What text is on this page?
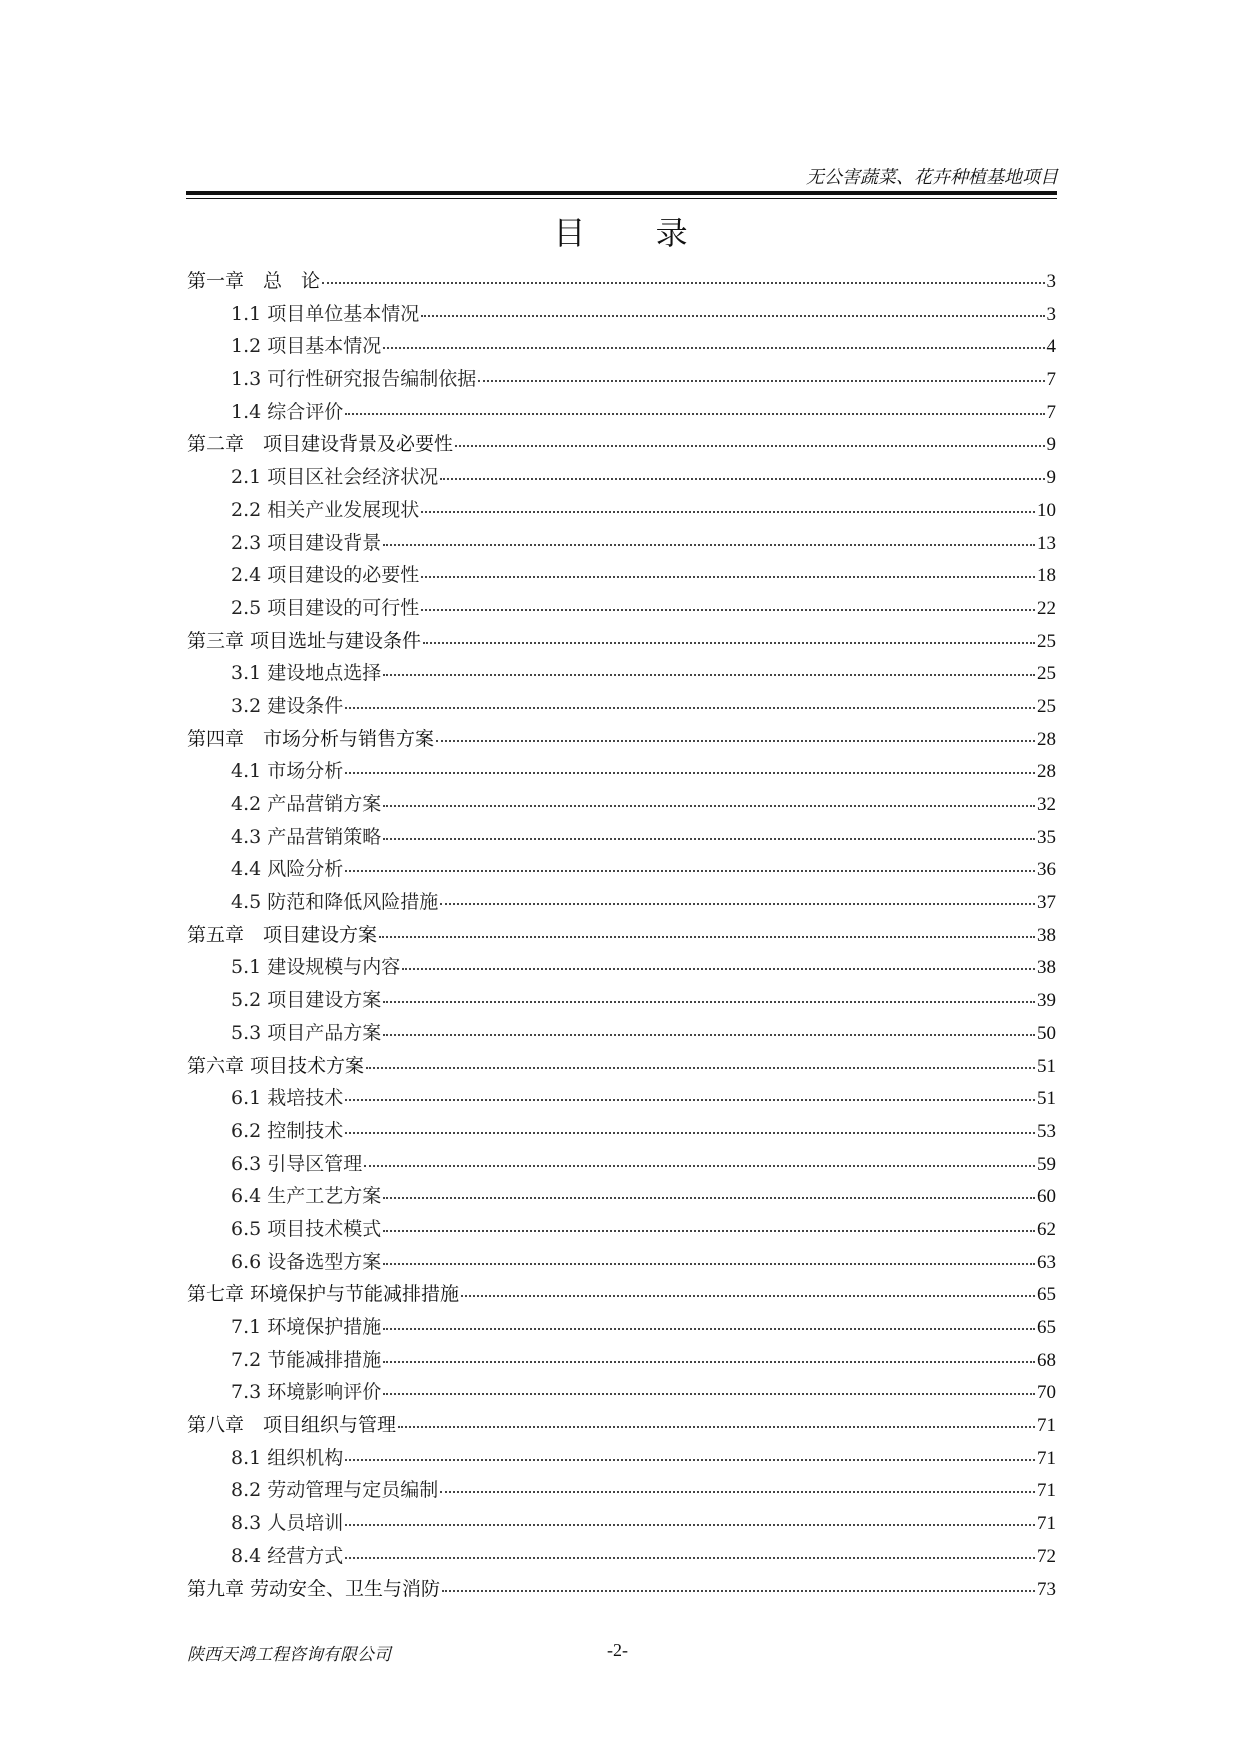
无公害蔬菜、花卉种植基地项目
目 录
第一章　总　论	3
1.1 项目单位基本情况	3
1.2 项目基本情况	4
1.3 可行性研究报告编制依据	7
1.4 综合评价	7
第二章　项目建设背景及必要性	9
2.1 项目区社会经济状况	9
2.2 相关产业发展现状	10
2.3 项目建设背景	13
2.4 项目建设的必要性	18
2.5 项目建设的可行性	22
第三章 项目选址与建设条件	25
3.1 建设地点选择	25
3.2 建设条件	25
第四章　市场分析与销售方案	28
4.1 市场分析	28
4.2 产品营销方案	32
4.3 产品营销策略	35
4.4 风险分析	36
4.5 防范和降低风险措施	37
第五章　项目建设方案	38
5.1 建设规模与内容	38
5.2 项目建设方案	39
5.3 项目产品方案	50
第六章 项目技术方案	51
6.1 栽培技术	51
6.2 控制技术	53
6.3 引导区管理	59
6.4 生产工艺方案	60
6.5 项目技术模式	62
6.6 设备选型方案	63
第七章 环境保护与节能减排措施	65
7.1 环境保护措施	65
7.2 节能减排措施	68
7.3 环境影响评价	70
第八章　项目组织与管理	71
8.1 组织机构	71
8.2 劳动管理与定员编制	71
8.3 人员培训	71
8.4 经营方式	72
第九章 劳动安全、卫生与消防	73
陕西天鸿工程咨询有限公司	-2-
